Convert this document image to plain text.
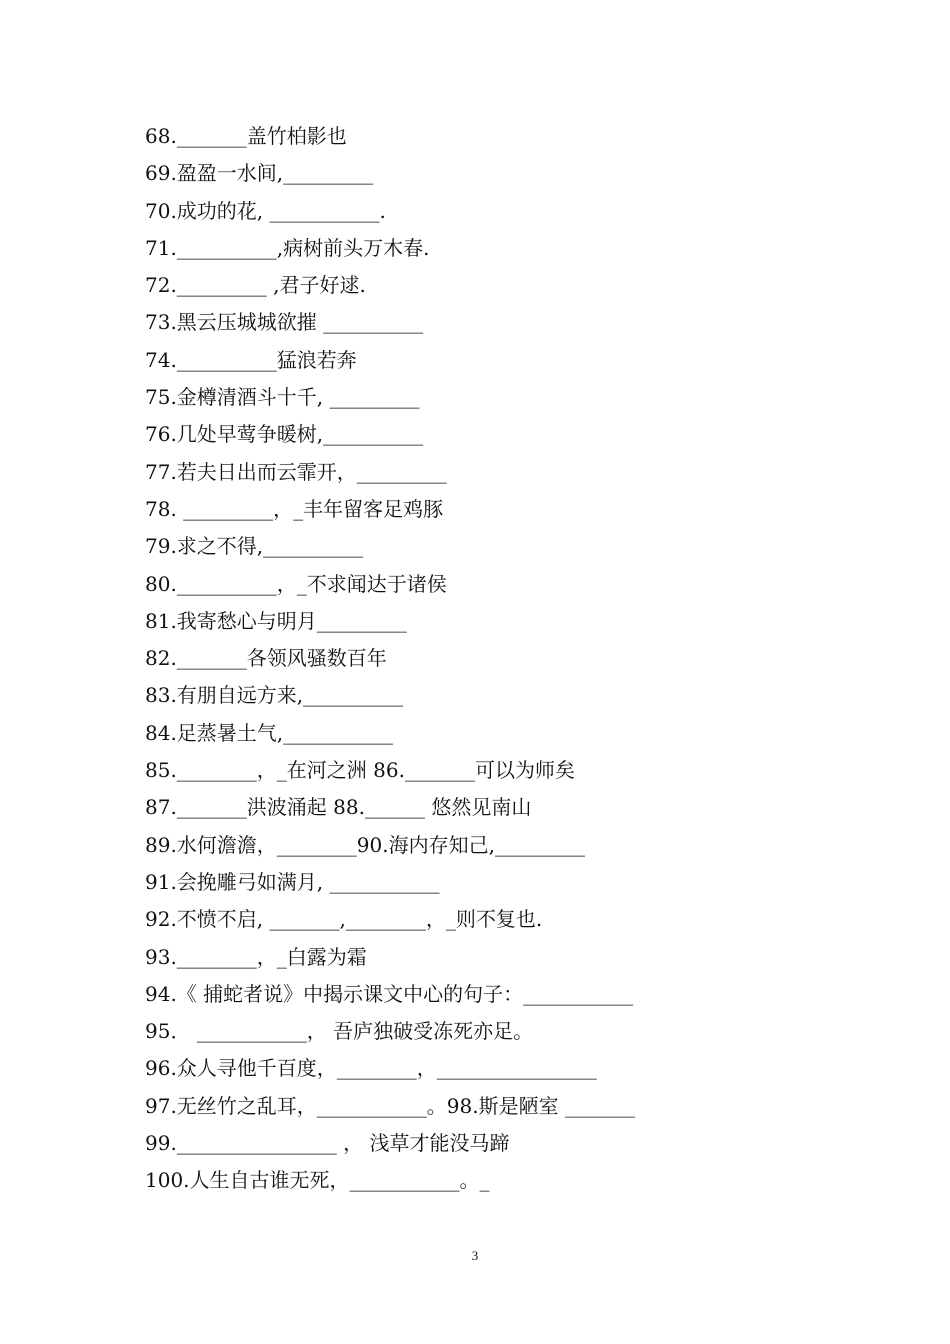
68._______盖竹柏影也
69.盈盈一水间,_________
70.成功的花, ___________.
71.__________,病树前头万木春.
72._________ ,君子好逑.
73.黑云压城城欲摧 __________
74.__________猛浪若奔
75.金樽清酒斗十千, _________
76.几处早莺争暖树,__________
77.若夫日出而云霏开，_________
78. _________，_丰年留客足鸡豚
79.求之不得,__________
80.__________，_不求闻达于诸侯
81.我寄愁心与明月_________
82._______各领风骚数百年
83.有朋自远方来,__________
84.足蒸暑土气,___________
85.________，_在河之洲 86._______可以为师矣
87._______洪波涌起 88.______ 悠然见南山
89.水何澹澹，________90.海内存知己,_________
91.会挽雕弓如满月, ___________
92.不愤不启, _______,________，_则不复也.
93.________，_白露为霜
94.《 捕蛇者说》中揭示课文中心的句子：___________
95． ___________， 吾庐独破受冻死亦足。
96.众人寻他千百度，________，________________
97.无丝竹之乱耳，___________。98.斯是陋室 _______
99.________________ ， 浅草才能没马蹄
100.人生自古谁无死，___________。_
3
